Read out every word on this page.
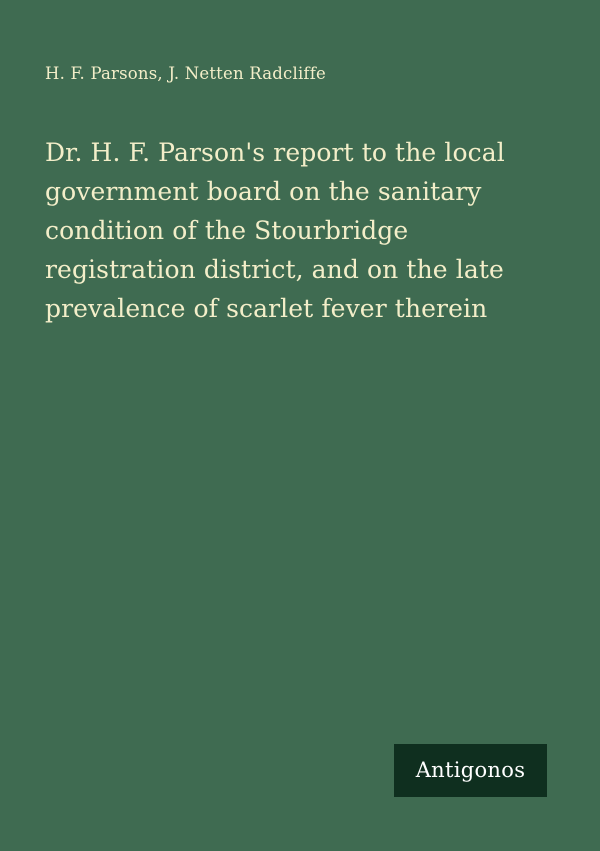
H. F. Parsons, J. Netten Radcliffe
Dr. H. F. Parson's report to the local government board on the sanitary condition of the Stourbridge registration district, and on the late prevalence of scarlet fever therein
Antigonos
